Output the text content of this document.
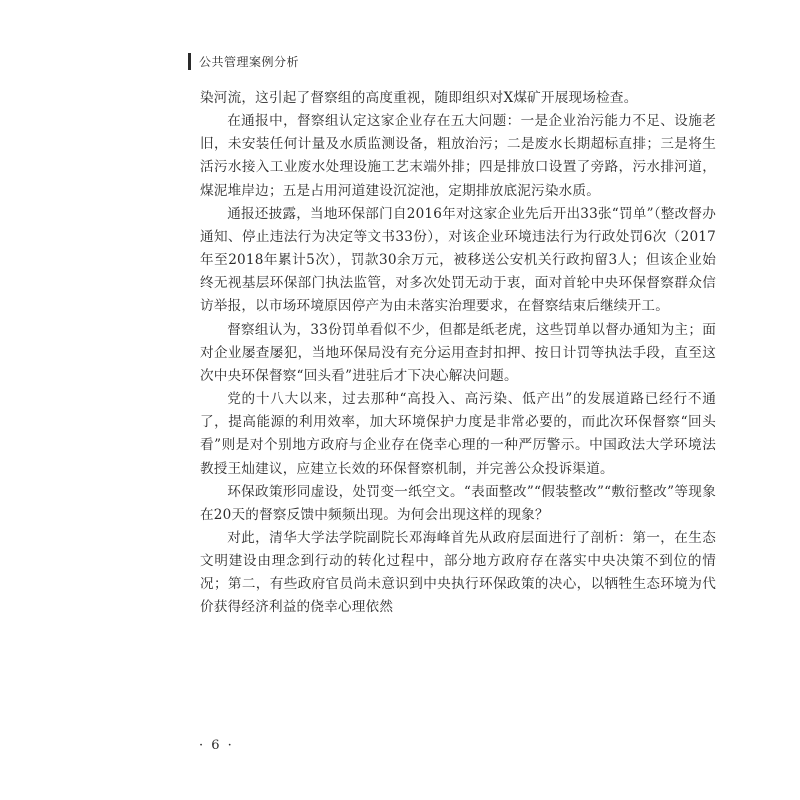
公共管理案例分析

染河流，这引起了督察组的高度重视，随即组织对X煤矿开展现场检查。

在通报中，督察组认定这家企业存在五大问题：一是企业治污能力不足、设施老旧，未安装任何计量及水质监测设备，粗放治污；二是废水长期超标直排；三是将生活污水接入工业废水处理设施工艺末端外排；四是排放口设置了旁路，污水排河道，煤泥堆岸边；五是占用河道建设沉淀池，定期排放底泥污染水质。

通报还披露，当地环保部门自2016年对这家企业先后开出33张“罚单”（整改督办通知、停止违法行为决定等文书33份），对该企业环境违法行为行政处罚6次（2017年至2018年累计5次），罚款30余万元，被移送公安机关行政拘留3人；但该企业始终无视基层环保部门执法监管，对多次处罚无动于衷，面对首轮中央环保督察群众信访举报，以市场环境原因停产为由未落实治理要求，在督察结束后继续开工。

督察组认为，33份罚单看似不少，但都是纸老虎，这些罚单以督办通知为主；面对企业屡查屡犯，当地环保局没有充分运用查封扣押、按日计罚等执法手段，直至这次中央环保督察“回头看”进驻后才下决心解决问题。

党的十八大以来，过去那种“高投入、高污染、低产出”的发展道路已经行不通了，提高能源的利用效率，加大环境保护力度是非常必要的，而此次环保督察“回头看”则是对个别地方政府与企业存在侥幸心理的一种严厉警示。中国政法大学环境法教授王灿建议，应建立长效的环保督察机制，并完善公众投诉渠道。

环保政策形同虚设，处罚变一纸空文。“表面整改”“假装整改”“敷衍整改”等现象在20天的督察反馈中频频出现。为何会出现这样的现象？

对此，清华大学法学院副院长邓海峰首先从政府层面进行了剖析：第一，在生态文明建设由理念到行动的转化过程中，部分地方政府存在落实中央决策不到位的情况；第二，有些政府官员尚未意识到中央执行环保政策的决心，以牺牲生态环境为代价获得经济利益的侥幸心理依然

· 6 ·
